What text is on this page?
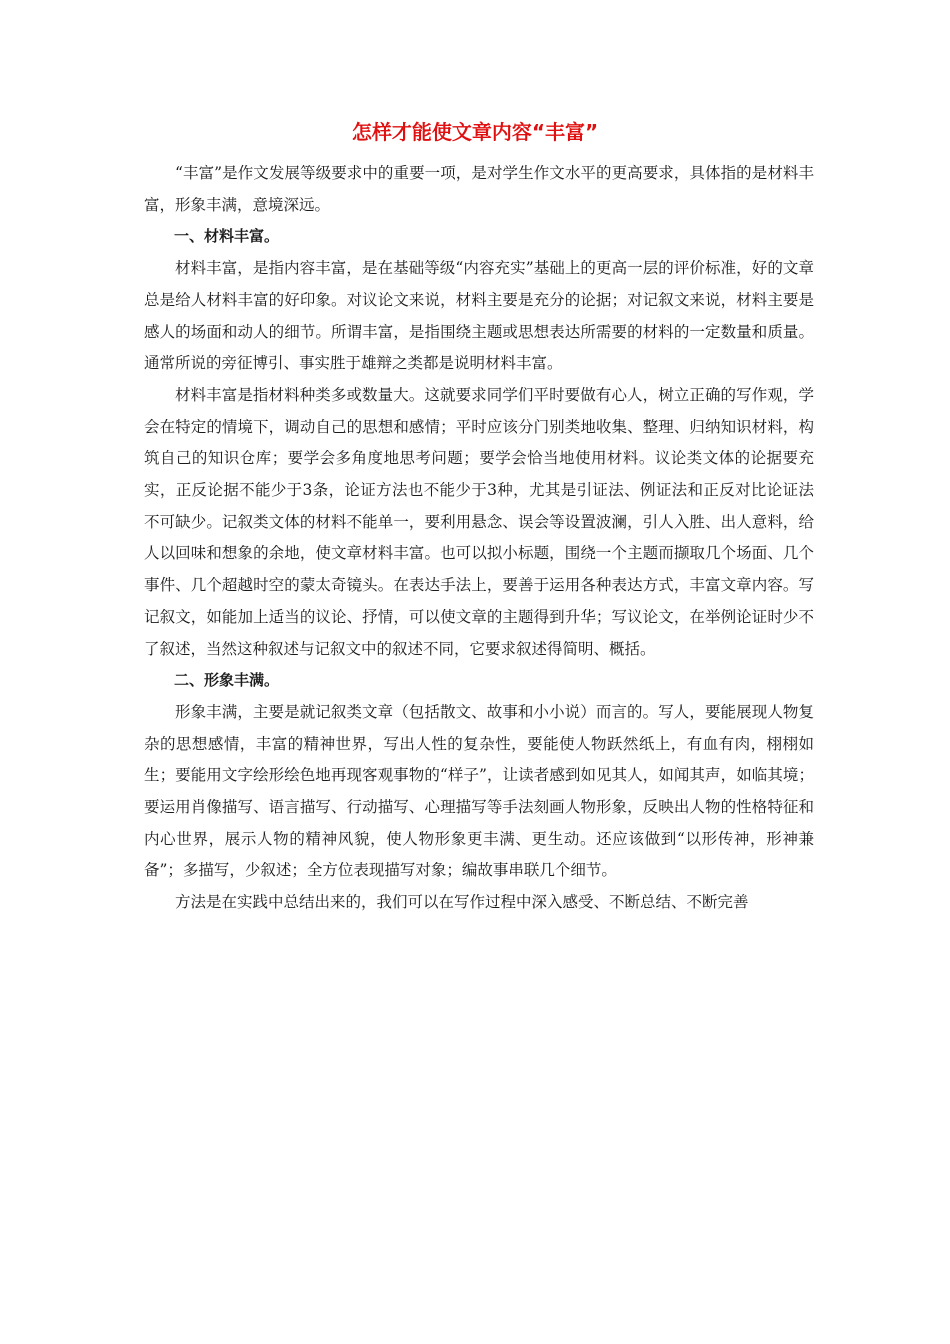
怎样才能使文章内容“丰富”

“丰富”是作文发展等级要求中的重要一项，是对学生作文水平的更高要求，具体指的是材料丰富，形象丰满，意境深远。

一、材料丰富。

材料丰富，是指内容丰富，是在基础等级“内容充实”基础上的更高一层的评价标准，好的文章总是给人材料丰富的好印象。对议论文来说，材料主要是充分的论据；对记叙文来说，材料主要是感人的场面和动人的细节。所谓丰富，是指围绕主题或思想表达所需要的材料的一定数量和质量。通常所说的旁征博引、事实胜于雄辩之类都是说明材料丰富。

材料丰富是指材料种类多或数量大。这就要求同学们平时要做有心人，树立正确的写作观，学会在特定的情境下，调动自己的思想和感情；平时应该分门别类地收集、整理、归纳知识材料，构筑自己的知识仓库；要学会多角度地思考问题；要学会恰当地使用材料。议论类文体的论据要充实，正反论据不能少于3条，论证方法也不能少于3种，尤其是引证法、例证法和正反对比论证法不可缺少。记叙类文体的材料不能单一，要利用悬念、误会等设置波澜，引人入胜、出人意料，给人以回味和想象的余地，使文章材料丰富。也可以拟小标题，围绕一个主题而撷取几个场面、几个事件、几个超越时空的蒙太奇镜头。在表达手法上，要善于运用各种表达方式，丰富文章内容。写记叙文，如能加上适当的议论、抒情，可以使文章的主题得到升华；写议论文，在举例论证时少不了叙述，当然这种叙述与记叙文中的叙述不同，它要求叙述得简明、概括。

二、形象丰满。

形象丰满，主要是就记叙类文章（包括散文、故事和小小说）而言的。写人，要能展现人物复杂的思想感情，丰富的精神世界，写出人性的复杂性，要能使人物跃然纸上，有血有肉，栩栩如生；要能用文字绘形绘色地再现客观事物的“样子”，让读者感到如见其人，如闻其声，如临其境；要运用肖像描写、语言描写、行动描写、心理描写等手法刻画人物形象，反映出人物的性格特征和内心世界，展示人物的精神风貌，使人物形象更丰满、更生动。还应该做到“以形传神，形神兼备”；多描写，少叙述；全方位表现描写对象；编故事串联几个细节。

方法是在实践中总结出来的，我们可以在写作过程中深入感受、不断总结、不断完善
